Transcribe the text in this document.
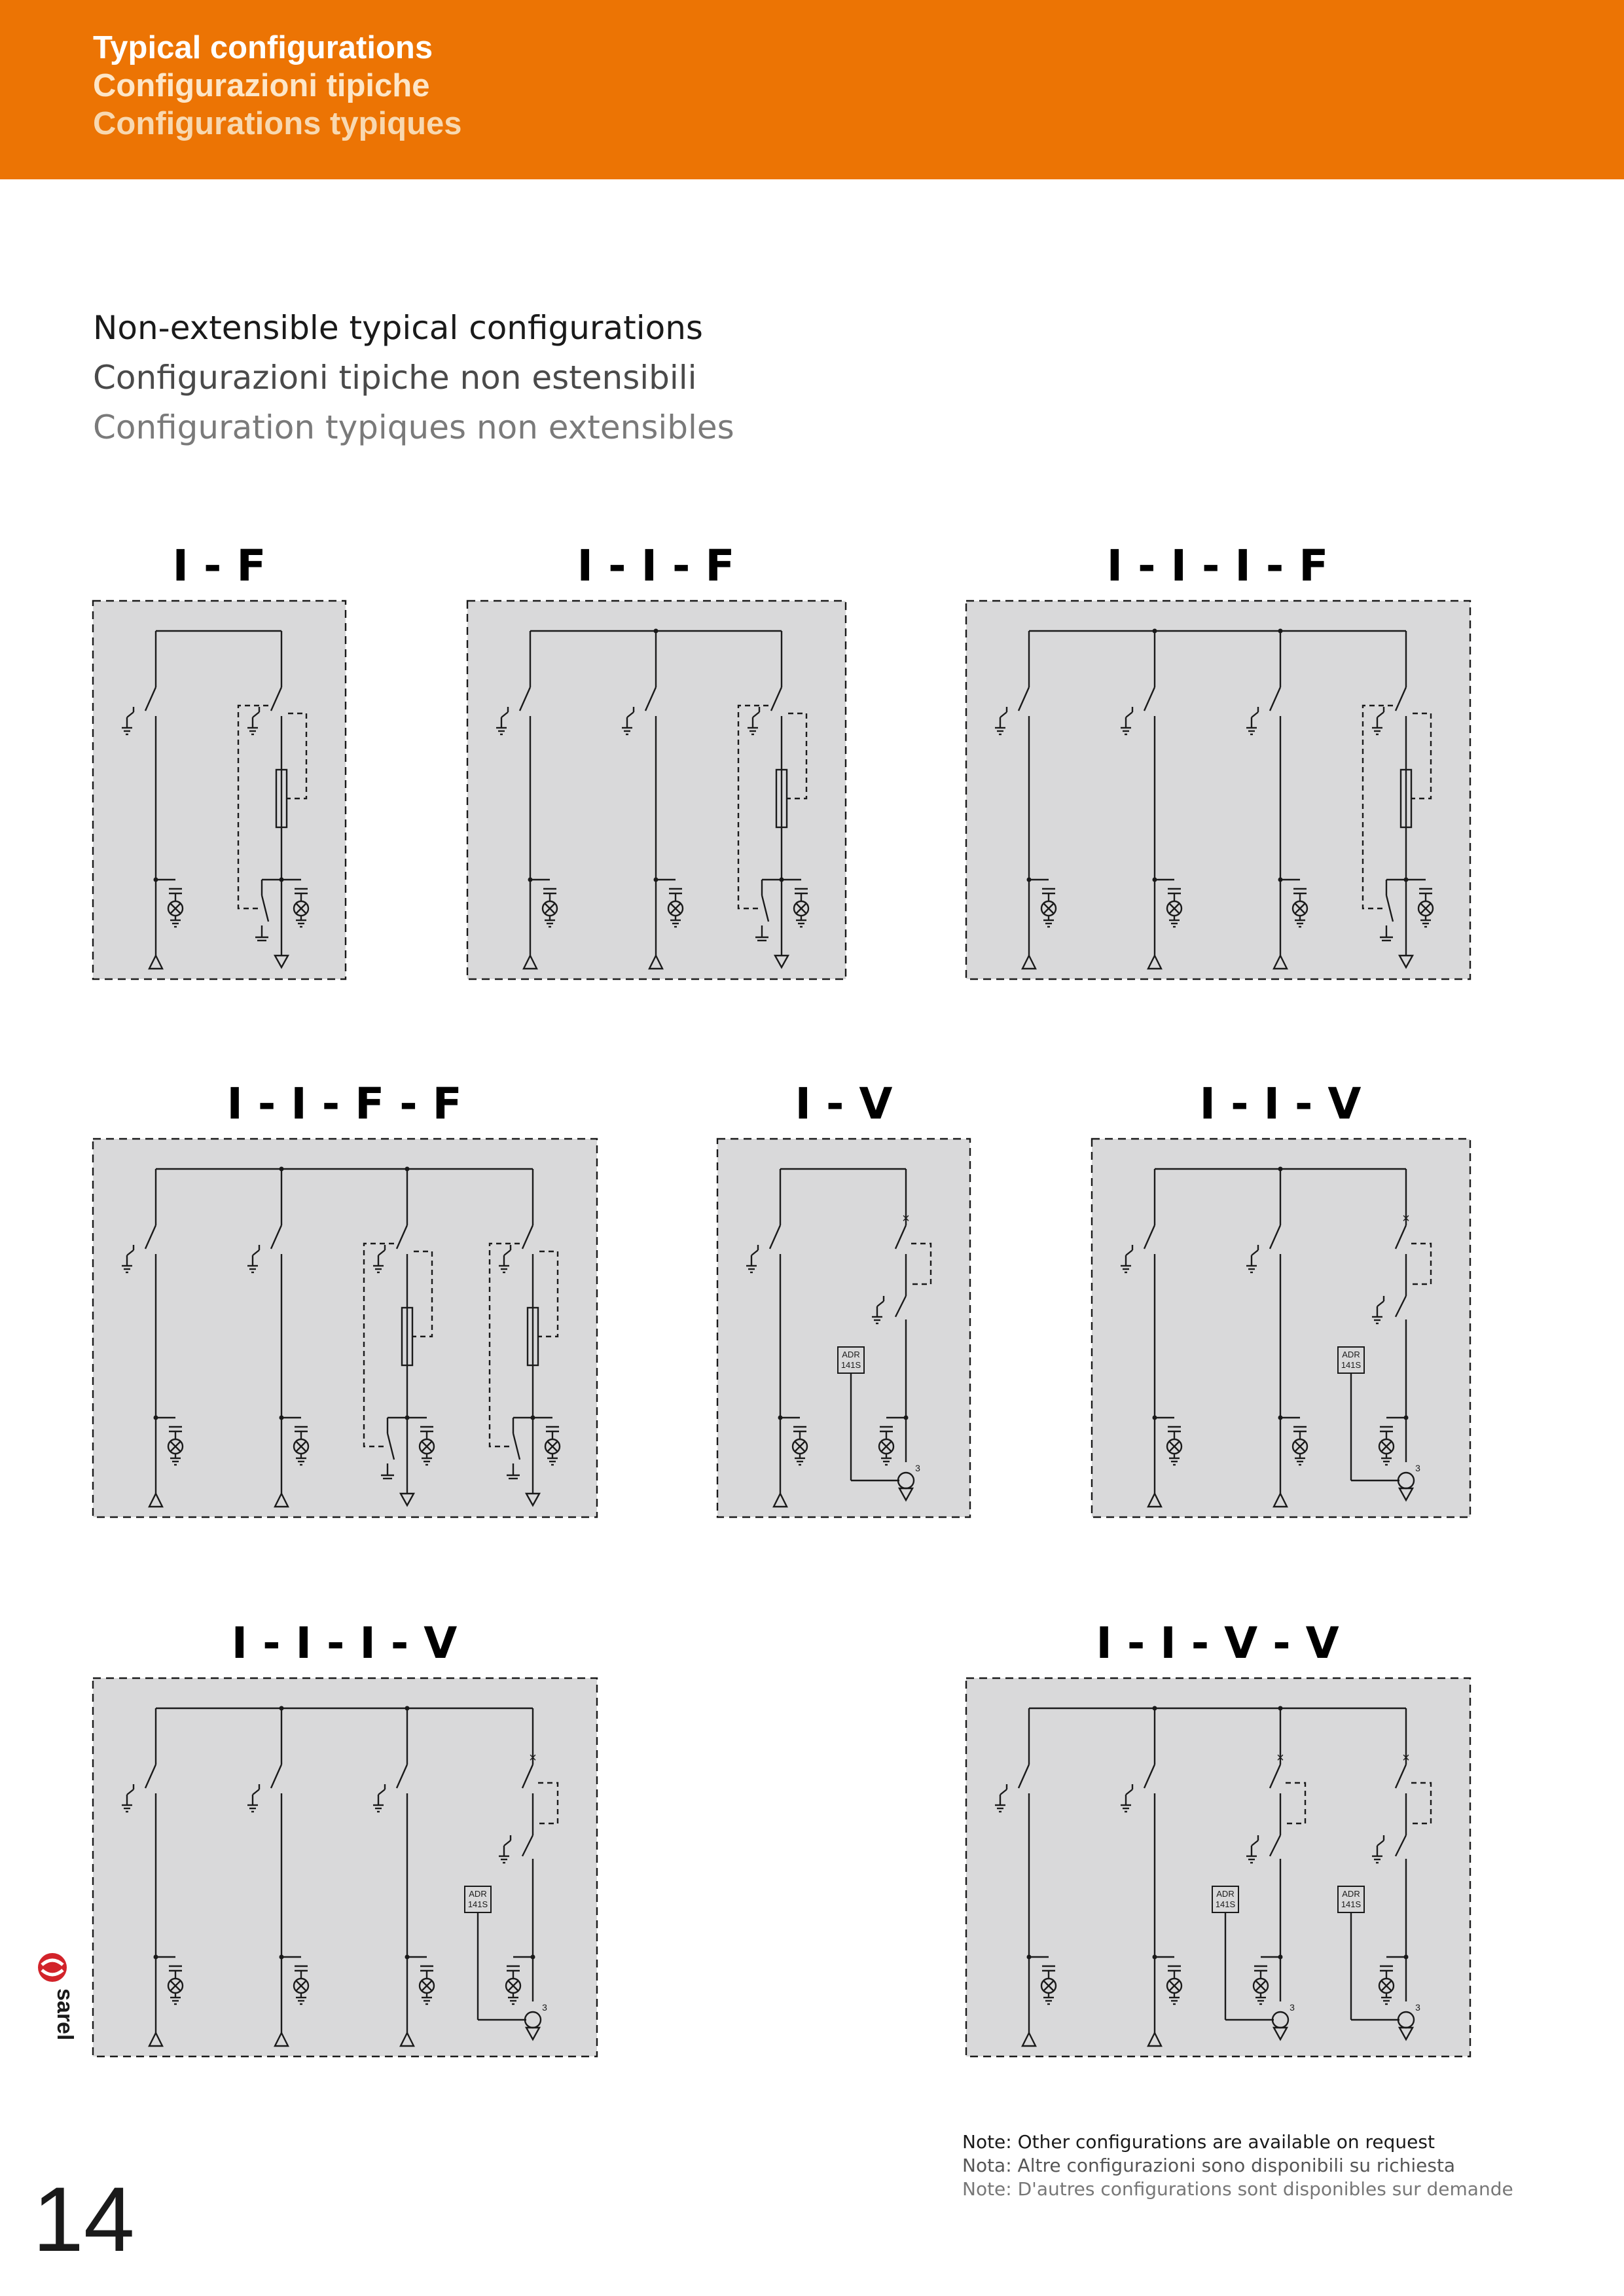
Typical configurations
Configurazioni tipiche
Configurations typiques
Non-extensible typical configurations
Configurazioni tipiche non estensibili
Configuration typiques non extensibles
I - F	I - I - F	I - I - I - F
I - I - F - F	I - V	I - I - V
I - I - I - V	I - I - V - V
×
ADR
141S
3
×
ADR
141S
3
×
ADR
141S
3
×
ADR
141S
3
×
ADR
141S
3
sarel
Note: Other configurations are available on request
Nota: Altre configurazioni sono disponibili su richiesta
Note: D'autres configurations sont disponibles sur demande
14
